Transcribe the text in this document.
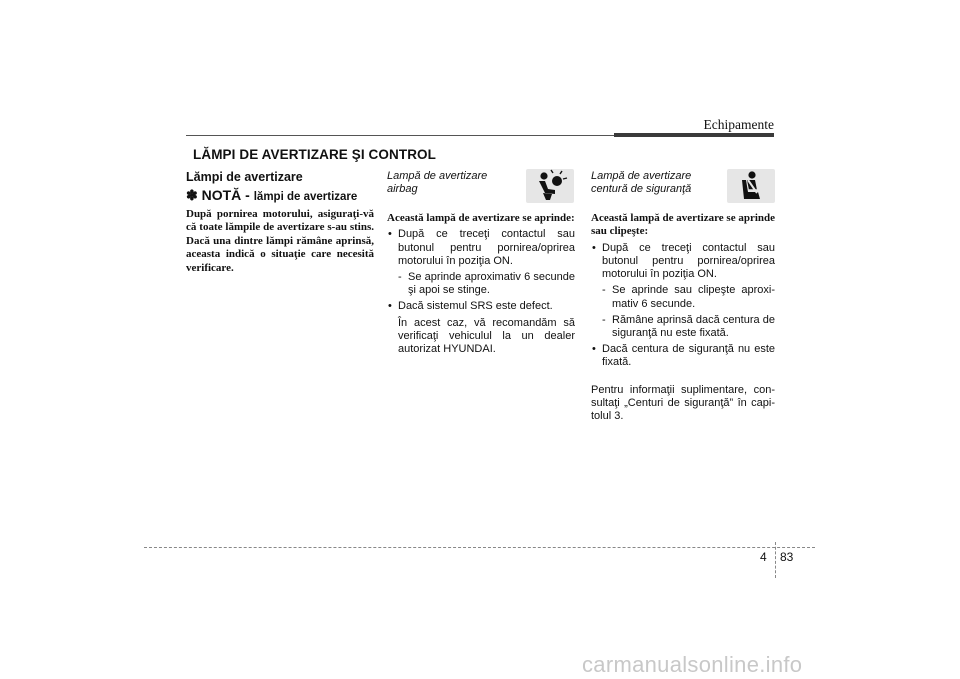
Echipamente
LĂMPI DE AVERTIZARE ŞI CONTROL
Lămpi de avertizare
✽ NOTĂ - lămpi de avertizare

După pornirea motorului, asiguraţi-vă că toate lămpile de avertizare s-au stins. Dacă una dintre lămpi rămâne aprinsă, aceasta indică o situaţie care necesită verificare.

Lampă de avertizare airbag

Această lampă de avertizare se aprinde:

• După ce treceţi contactul sau butonul pentru pornirea/oprirea motorului în poziţia ON.
- Se aprinde aproximativ 6 secunde şi apoi se stinge.
• Dacă sistemul SRS este defect.
În acest caz, vă recomandăm să verificaţi vehiculul la un dealer autorizat HYUNDAI.
Lampă de avertizare centură de siguranţă

Această lampă de avertizare se aprinde sau clipeşte:

• După ce treceţi contactul sau butonul pentru pornirea/oprirea motorului în poziţia ON.
- Se aprinde sau clipeşte aproxi-mativ 6 secunde.
- Rămâne aprinsă dacă centura de siguranţă nu este fixată.
• Dacă centura de siguranţă nu este fixată.
Pentru informaţii suplimentare, con-sultaţi „Centuri de siguranţă” în capi-tolul 3.
4 83
carmanualsonline.info
